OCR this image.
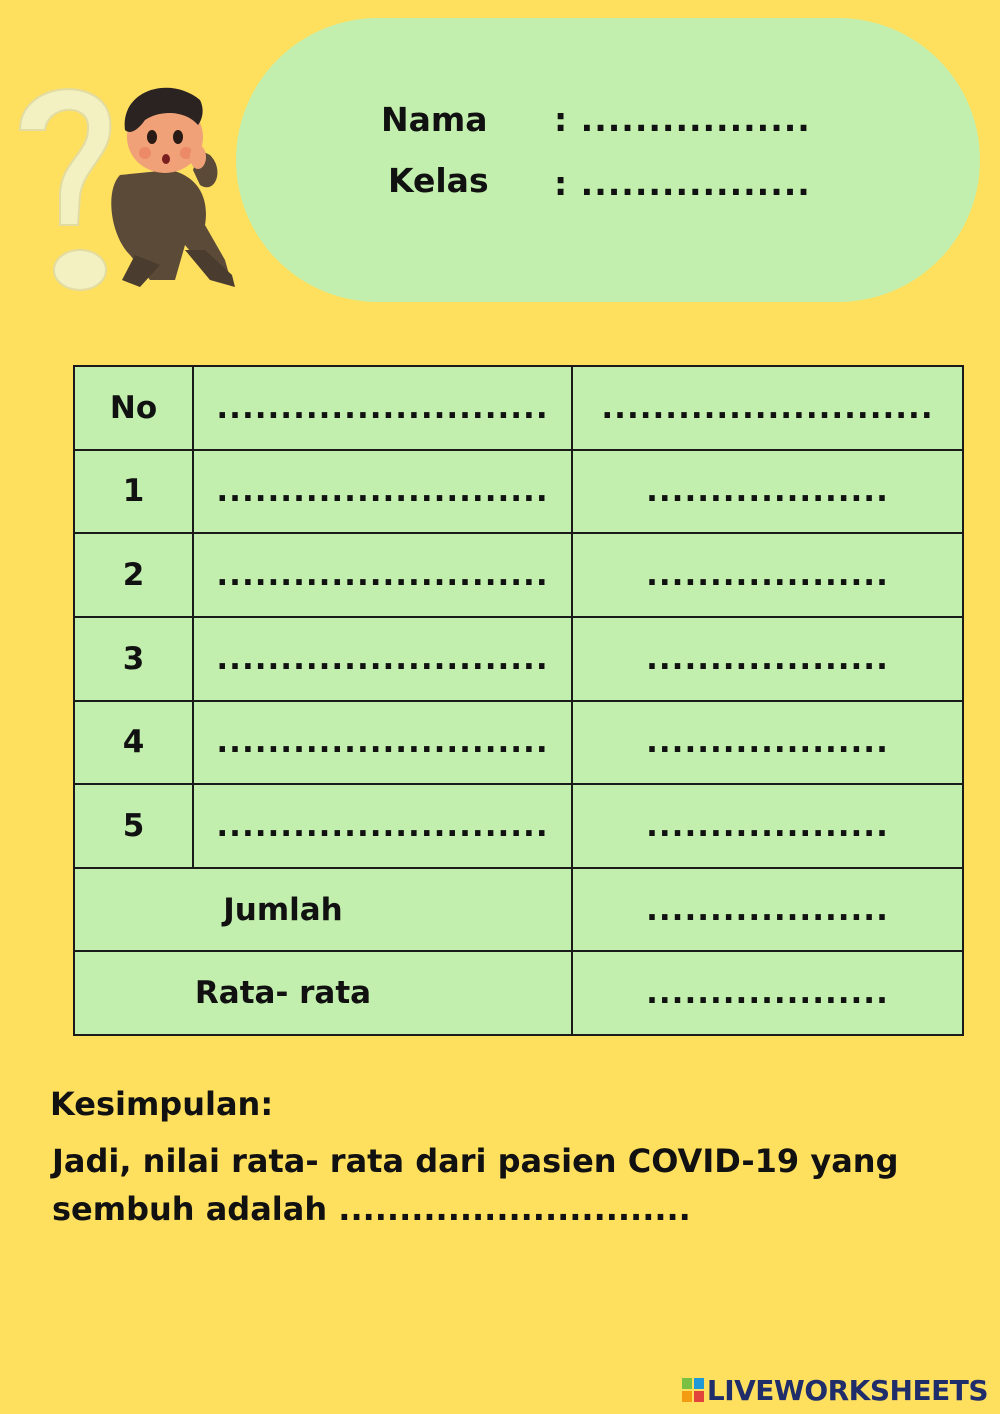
Nama : .................
Kelas : .................
No	..........................	..........................
1	..........................	...................
2	..........................	...................
3	..........................	...................
4	..........................	...................
5	..........................	...................
Jumlah		...................
Rata- rata		...................
Kesimpulan:
Jadi, nilai rata- rata dari pasien COVID-19 yang
sembuh adalah .............................
LIVEWORKSHEETS
